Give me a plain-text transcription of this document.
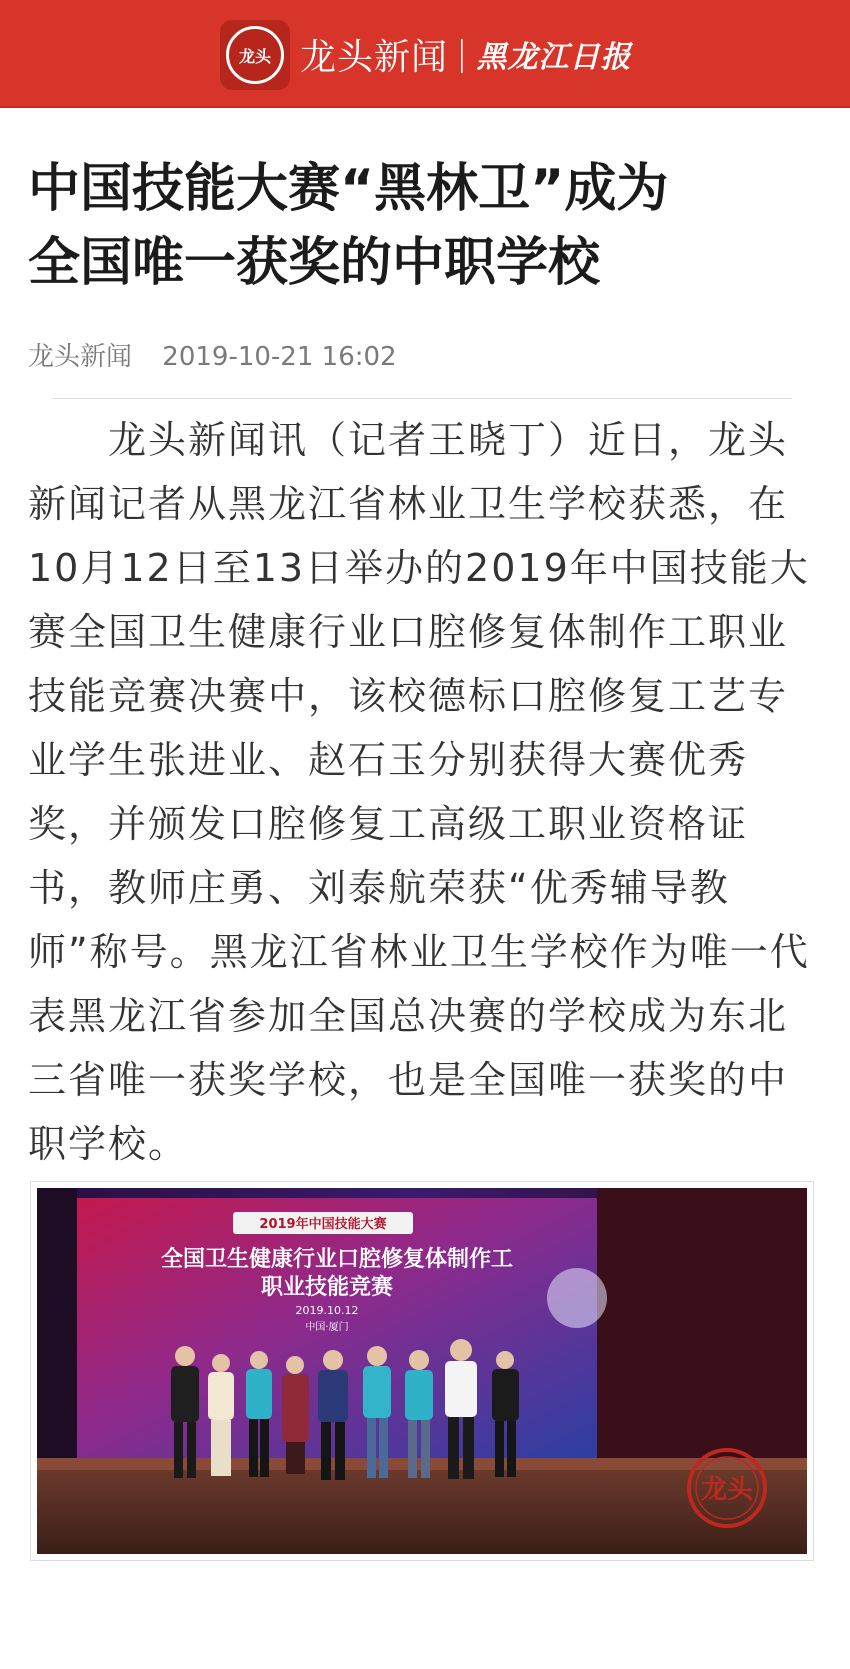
龙头 龙头新闻 | 黑龙江日报
中国技能大赛“黑林卫”成为
全国唯一获奖的中职学校
龙头新闻 2019-10-21 16:02

龙头新闻讯（记者王晓丁）近日，龙头新闻记者从黑龙江省林业卫生学校获悉，在10月12日至13日举办的2019年中国技能大赛全国卫生健康行业口腔修复体制作工职业技能竞赛决赛中，该校德标口腔修复工艺专业学生张进业、赵石玉分别获得大赛优秀奖，并颁发口腔修复工高级工职业资格证书，教师庄勇、刘泰航荣获“优秀辅导教师”称号。黑龙江省林业卫生学校作为唯一代表黑龙江省参加全国总决赛的学校成为东北三省唯一获奖学校，也是全国唯一获奖的中职学校。

2019年中国技能大赛
全国卫生健康行业口腔修复体制作工
职业技能竞赛
2019.10.12
中国·厦门
龙头
